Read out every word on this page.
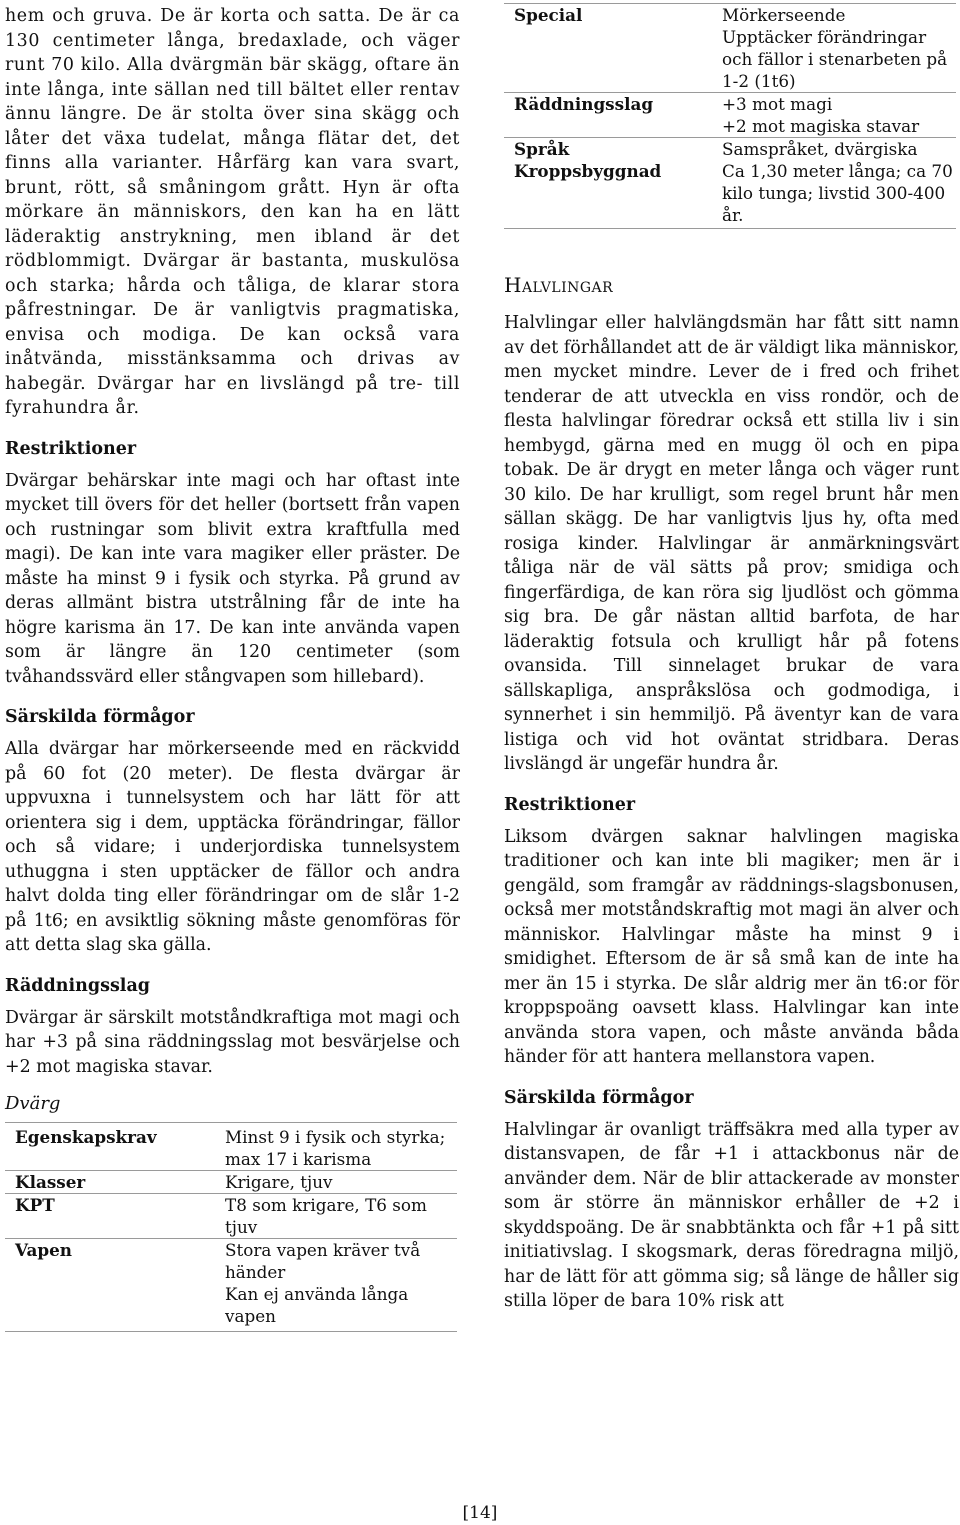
hem och gruva. De är korta och satta. De är ca 130 centimeter långa, bredaxlade, och väger runt 70 kilo. Alla dvärgmän bär skägg, oftare än inte långa, inte sällan ned till bältet eller rentav ännu längre. De är stolta över sina skägg och låter det växa tudelat, många flätar det, det finns alla varianter. Hårfärg kan vara svart, brunt, rött, så småningom grått. Hyn är ofta mörkare än människors, den kan ha en lätt läderaktig anstrykning, men ibland är det rödblommigt. Dvärgar är bastanta, muskulösa och starka; hårda och tåliga, de klarar stora påfrestningar. De är vanligtvis pragmatiska, envisa och modiga. De kan också vara inåtvända, misstänksamma och drivas av habegär. Dvärgar har en livslängd på tre- till fyrahundra år.

Restriktioner

Dvärgar behärskar inte magi och har oftast inte mycket till övers för det heller (bortsett från vapen och rustningar som blivit extra kraftfulla med magi). De kan inte vara magiker eller präster. De måste ha minst 9 i fysik och styrka. På grund av deras allmänt bistra utstrålning får de inte ha högre karisma än 17. De kan inte använda vapen som är längre än 120 centimeter (som tvåhandssvärd eller stångvapen som hillebard).

Särskilda förmågor

Alla dvärgar har mörkerseende med en räckvidd på 60 fot (20 meter). De flesta dvärgar är uppvuxna i tunnelsystem och har lätt för att orientera sig i dem, upptäcka förändringar, fällor och så vidare; i underjordiska tunnelsystem uthuggna i sten upptäcker de fällor och andra halvt dolda ting eller förändringar om de slår 1-2 på 1t6; en avsiktlig sökning måste genomföras för att detta slag ska gälla.

Räddningsslag

Dvärgar är särskilt motståndkraftiga mot magi och har +3 på sina räddningsslag mot besvärjelse och +2 mot magiska stavar.

Dvärg
Egenskapskrav	Minst 9 i fysik och styrka; max 17 i karisma
Klasser	Krigare, tjuv
KPT	T8 som krigare, T6 som tjuv
Vapen	Stora vapen kräver två händer
Kan ej använda långa vapen
Special	Mörkerseende
Upptäcker förändringar och fällor i stenarbeten på 1-2 (1t6)
Räddningsslag	+3 mot magi
+2 mot magiska stavar
Språk	Samspråket, dvärgiska
Kroppsbyggnad	Ca 1,30 meter långa; ca 70 kilo tunga; livstid 300-400 år.
Halvlingar

Halvlingar eller halvlängdsmän har fått sitt namn av det förhållandet att de är väldigt lika människor, men mycket mindre. Lever de i fred och frihet tenderar de att utveckla en viss rondör, och de flesta halvlingar föredrar också ett stilla liv i sin hembygd, gärna med en mugg öl och en pipa tobak. De är drygt en meter långa och väger runt 30 kilo. De har krulligt, som regel brunt hår men sällan skägg. De har vanligtvis ljus hy, ofta med rosiga kinder. Halvlingar är anmärkningsvärt tåliga när de väl sätts på prov; smidiga och fingerfärdiga, de kan röra sig ljudlöst och gömma sig bra. De går nästan alltid barfota, de har läderaktig fotsula och krulligt hår på fotens ovansida. Till sinnelaget brukar de vara sällskapliga, anspråkslösa och godmodiga, i synnerhet i sin hemmiljö. På äventyr kan de vara listiga och vid hot oväntat stridbara. Deras livslängd är ungefär hundra år.

Restriktioner

Liksom dvärgen saknar halvlingen magiska traditioner och kan inte bli magiker; men är i gengäld, som framgår av räddnings-slagsbonusen, också mer motståndskraftig mot magi än alver och människor. Halvlingar måste ha minst 9 i smidighet. Eftersom de är så små kan de inte ha mer än 15 i styrka. De slår aldrig mer än t6:or för kroppspoäng oavsett klass. Halvlingar kan inte använda stora vapen, och måste använda båda händer för att hantera mellanstora vapen.

Särskilda förmågor

Halvlingar är ovanligt träffsäkra med alla typer av distansvapen, de får +1 i attackbonus när de använder dem. När de blir attackerade av monster som är större än människor erhåller de +2 i skyddspoäng. De är snabbtänkta och får +1 på sitt initiativslag. I skogsmark, deras föredragna miljö, har de lätt för att gömma sig; så länge de håller sig stilla löper de bara 10% risk att

[14]
